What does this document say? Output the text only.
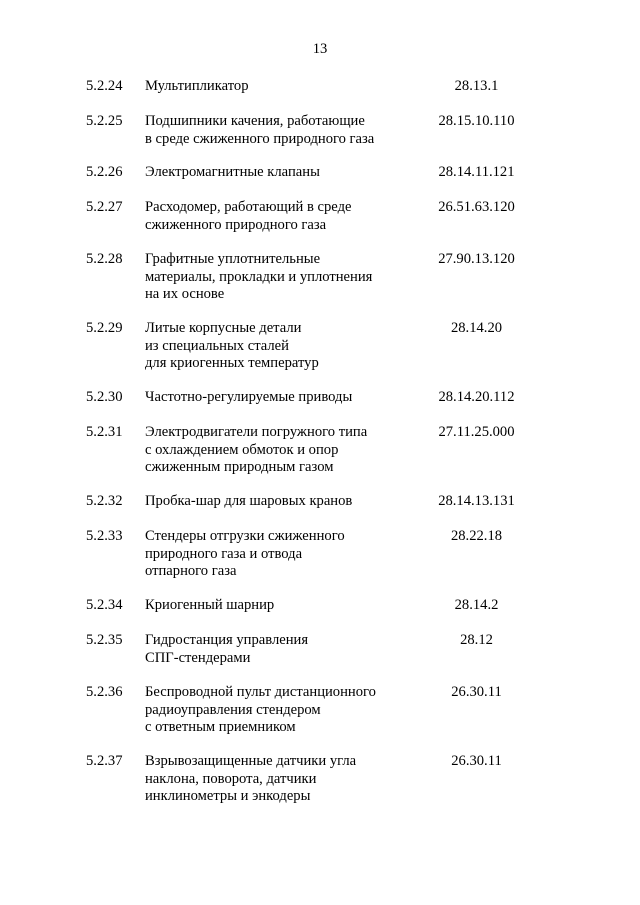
13
5.2.24 Мультипликатор	28.13.1
5.2.25 Подшипники качения, работающие
в среде сжиженного природного газа
28.15.10.110
5.2.26 Электромагнитные клапаны	28.14.11.121
5.2.27 Расходомер, работающий в среде
сжиженного природного газа
26.51.63.120
5.2.28 Графитные уплотнительные
материалы, прокладки и уплотнения
на их основе
27.90.13.120
5.2.29 Литые корпусные детали
из специальных сталей
для криогенных температур
28.14.20
5.2.30 Частотно-регулируемые приводы	28.14.20.112
5.2.31 Электродвигатели погружного типа
с охлаждением обмоток и опор
сжиженным природным газом
27.11.25.000
5.2.32 Пробка-шар для шаровых кранов	28.14.13.131
5.2.33 Стендеры отгрузки сжиженного
природного газа и отвода
отпарного газа
28.22.18
5.2.34 Криогенный шарнир	28.14.2
5.2.35 Гидростанция управления
СПГ-стендерами
28.12
5.2.36 Беспроводной пульт дистанционного
радиоуправления стендером
с ответным приемником
26.30.11
5.2.37 Взрывозащищенные датчики угла
наклона, поворота, датчики
инклинометры и энкодеры
26.30.11
